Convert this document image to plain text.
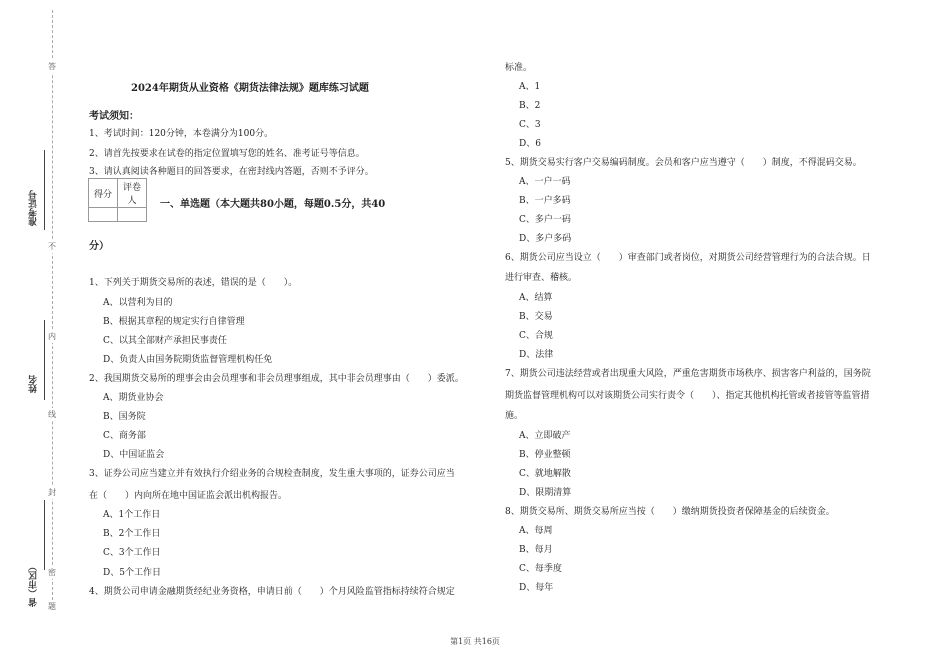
答
不
内
线
封
密
题
准考证号
姓名
省（市区）
2024年期货从业资格《期货法律法规》题库练习试题
考试须知：
1、考试时间：120分钟，本卷满分为100分。
2、请首先按要求在试卷的指定位置填写您的姓名、准考证号等信息。
3、请认真阅读各种题目的回答要求，在密封线内答题，否则不予评分。
得分	评卷人
	一、单选题（本大题共80小题，每题0.5分，共40
分）
1、下列关于期货交易所的表述，错误的是（　　）。
A、以营利为目的
B、根据其章程的规定实行自律管理
C、以其全部财产承担民事责任
D、负责人由国务院期货监督管理机构任免
2、我国期货交易所的理事会由会员理事和非会员理事组成，其中非会员理事由（　　）委派。
A、期货业协会
B、国务院
C、商务部
D、中国证监会
3、证券公司应当建立并有效执行介绍业务的合规检查制度，发生重大事项的，证券公司应当
在（　　）内向所在地中国证监会派出机构报告。
A、1个工作日
B、2个工作日
C、3个工作日
D、5个工作日
4、期货公司申请金融期货经纪业务资格，申请日前（　　）个月风险监管指标持续符合规定
标准。
A、1
B、2
C、3
D、6
5、期货交易实行客户交易编码制度。会员和客户应当遵守（　　）制度，不得混码交易。
A、一户一码
B、一户多码
C、多户一码
D、多户多码
6、期货公司应当设立（　　）审查部门或者岗位，对期货公司经营管理行为的合法合规。日
进行审查、稽核。
A、结算
B、交易
C、合规
D、法律
7、期货公司违法经营或者出现重大风险，严重危害期货市场秩序、损害客户利益的，国务院
期货监督管理机构可以对该期货公司实行责令（　　）、指定其他机构托管或者接管等监管措
施。
A、立即破产
B、停业整顿
C、就地解散
D、限期清算
8、期货交易所、期货交易所应当按（　　）缴纳期货投资者保障基金的后续资金。
A、每周
B、每月
C、每季度
D、每年
第1页 共16页
